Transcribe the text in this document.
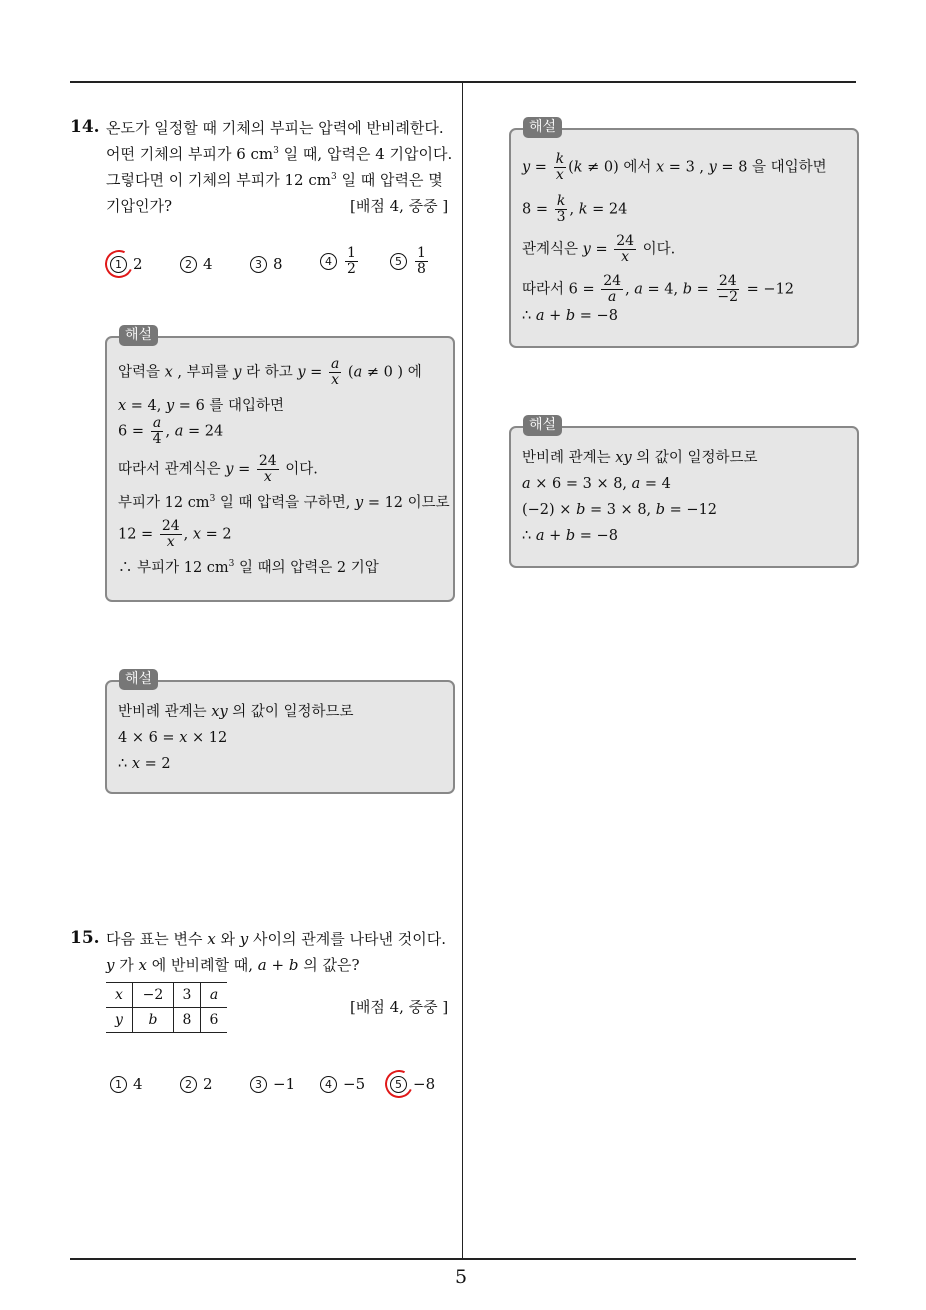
14. 온도가 일정할 때 기체의 부피는 압력에 반비례한다.
어떤 기체의 부피가 6 $cm^3$ 일 때, 압력은 4 기압이다.
그렇다면 이 기체의 부피가 12 $cm^3$ 일 때 압력은 몇
기압인가?	[배점 4, 중중 ]
1 2	2 4	3 8	$4 \frac{1}{2}$	$5 \frac{1}{8}$
해설
압력을 x , 부피를 y 라 하고 $y = \frac{a}{x} (a \ne 0$ ) 에
x = 4, y = 6 를 대입하면
$6 = \frac{a}{4}$ , a = 24
따라서 관계식은 $y = \frac{24}{x}$ 이다.
부피가 12 $cm^3$ 일 때 압력을 구하면, y = 12 이므로
$12 = \frac{24}{x}$ , x = 2
∴ 부피가 12 $cm^3$ 일 때의 압력은 2 기압
해설
반비례 관계는 xy 의 값이 일정하므로
4 × 6 = x × 12
∴ x = 2
15. 다음 표는 변수 x 와 y 사이의 관계를 나타낸 것이다.
y 가 x 에 반비례할 때, a + b 의 값은?
x	−2	3	a
y	b	8	6
[배점 4, 중중 ]
1 4	2 2	3 −1	4 −5	5 −8
해설
$y = \frac{k}{x} (k \ne 0)$ 에서 x = 3 , y = 8 을 대입하면
$8 = \frac{k}{3}$ , k = 24
관계식은 $y = \frac{24}{x}$ 이다.
따라서 $6 = \frac{24}{a}$ , a = 4, $b = \frac{24}{-2} = -12$
∴ a + b = −8
해설
반비례 관계는 xy 의 값이 일정하므로
a × 6 = 3 × 8, a = 4
(−2) × b = 3 × 8, b = −12
∴ a + b = −8
5
